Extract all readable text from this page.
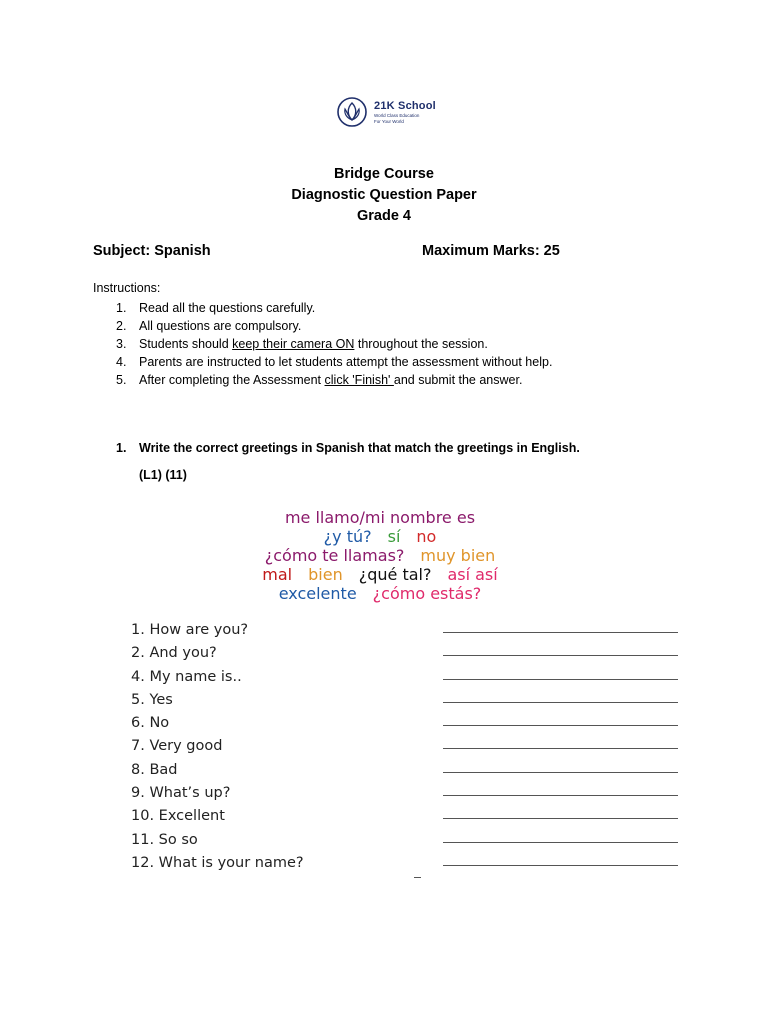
21K School
World Class Education
For Your World
Bridge Course
Diagnostic Question Paper
Grade 4
Subject: Spanish	Maximum Marks: 25
Instructions:
1.	Read all the questions carefully.
2.	All questions are compulsory.
3.	Students should keep their camera ON throughout the session.
4.	Parents are instructed to let students attempt the assessment without help.
5.	After completing the Assessment click 'Finish' and submit the answer.
1.	Write the correct greetings in Spanish that match the greetings in English.
(L1) (11)
me llamo/mi nombre es
¿y tú? sí no
¿cómo te llamas? muy bien
mal bien ¿qué tal? así así
excelente ¿cómo estás?
1. How are you?
2. And you?
4. My name is..
5. Yes
6. No
7. Very good
8. Bad
9. What’s up?
10. Excellent
11. So so
12. What is your name?
